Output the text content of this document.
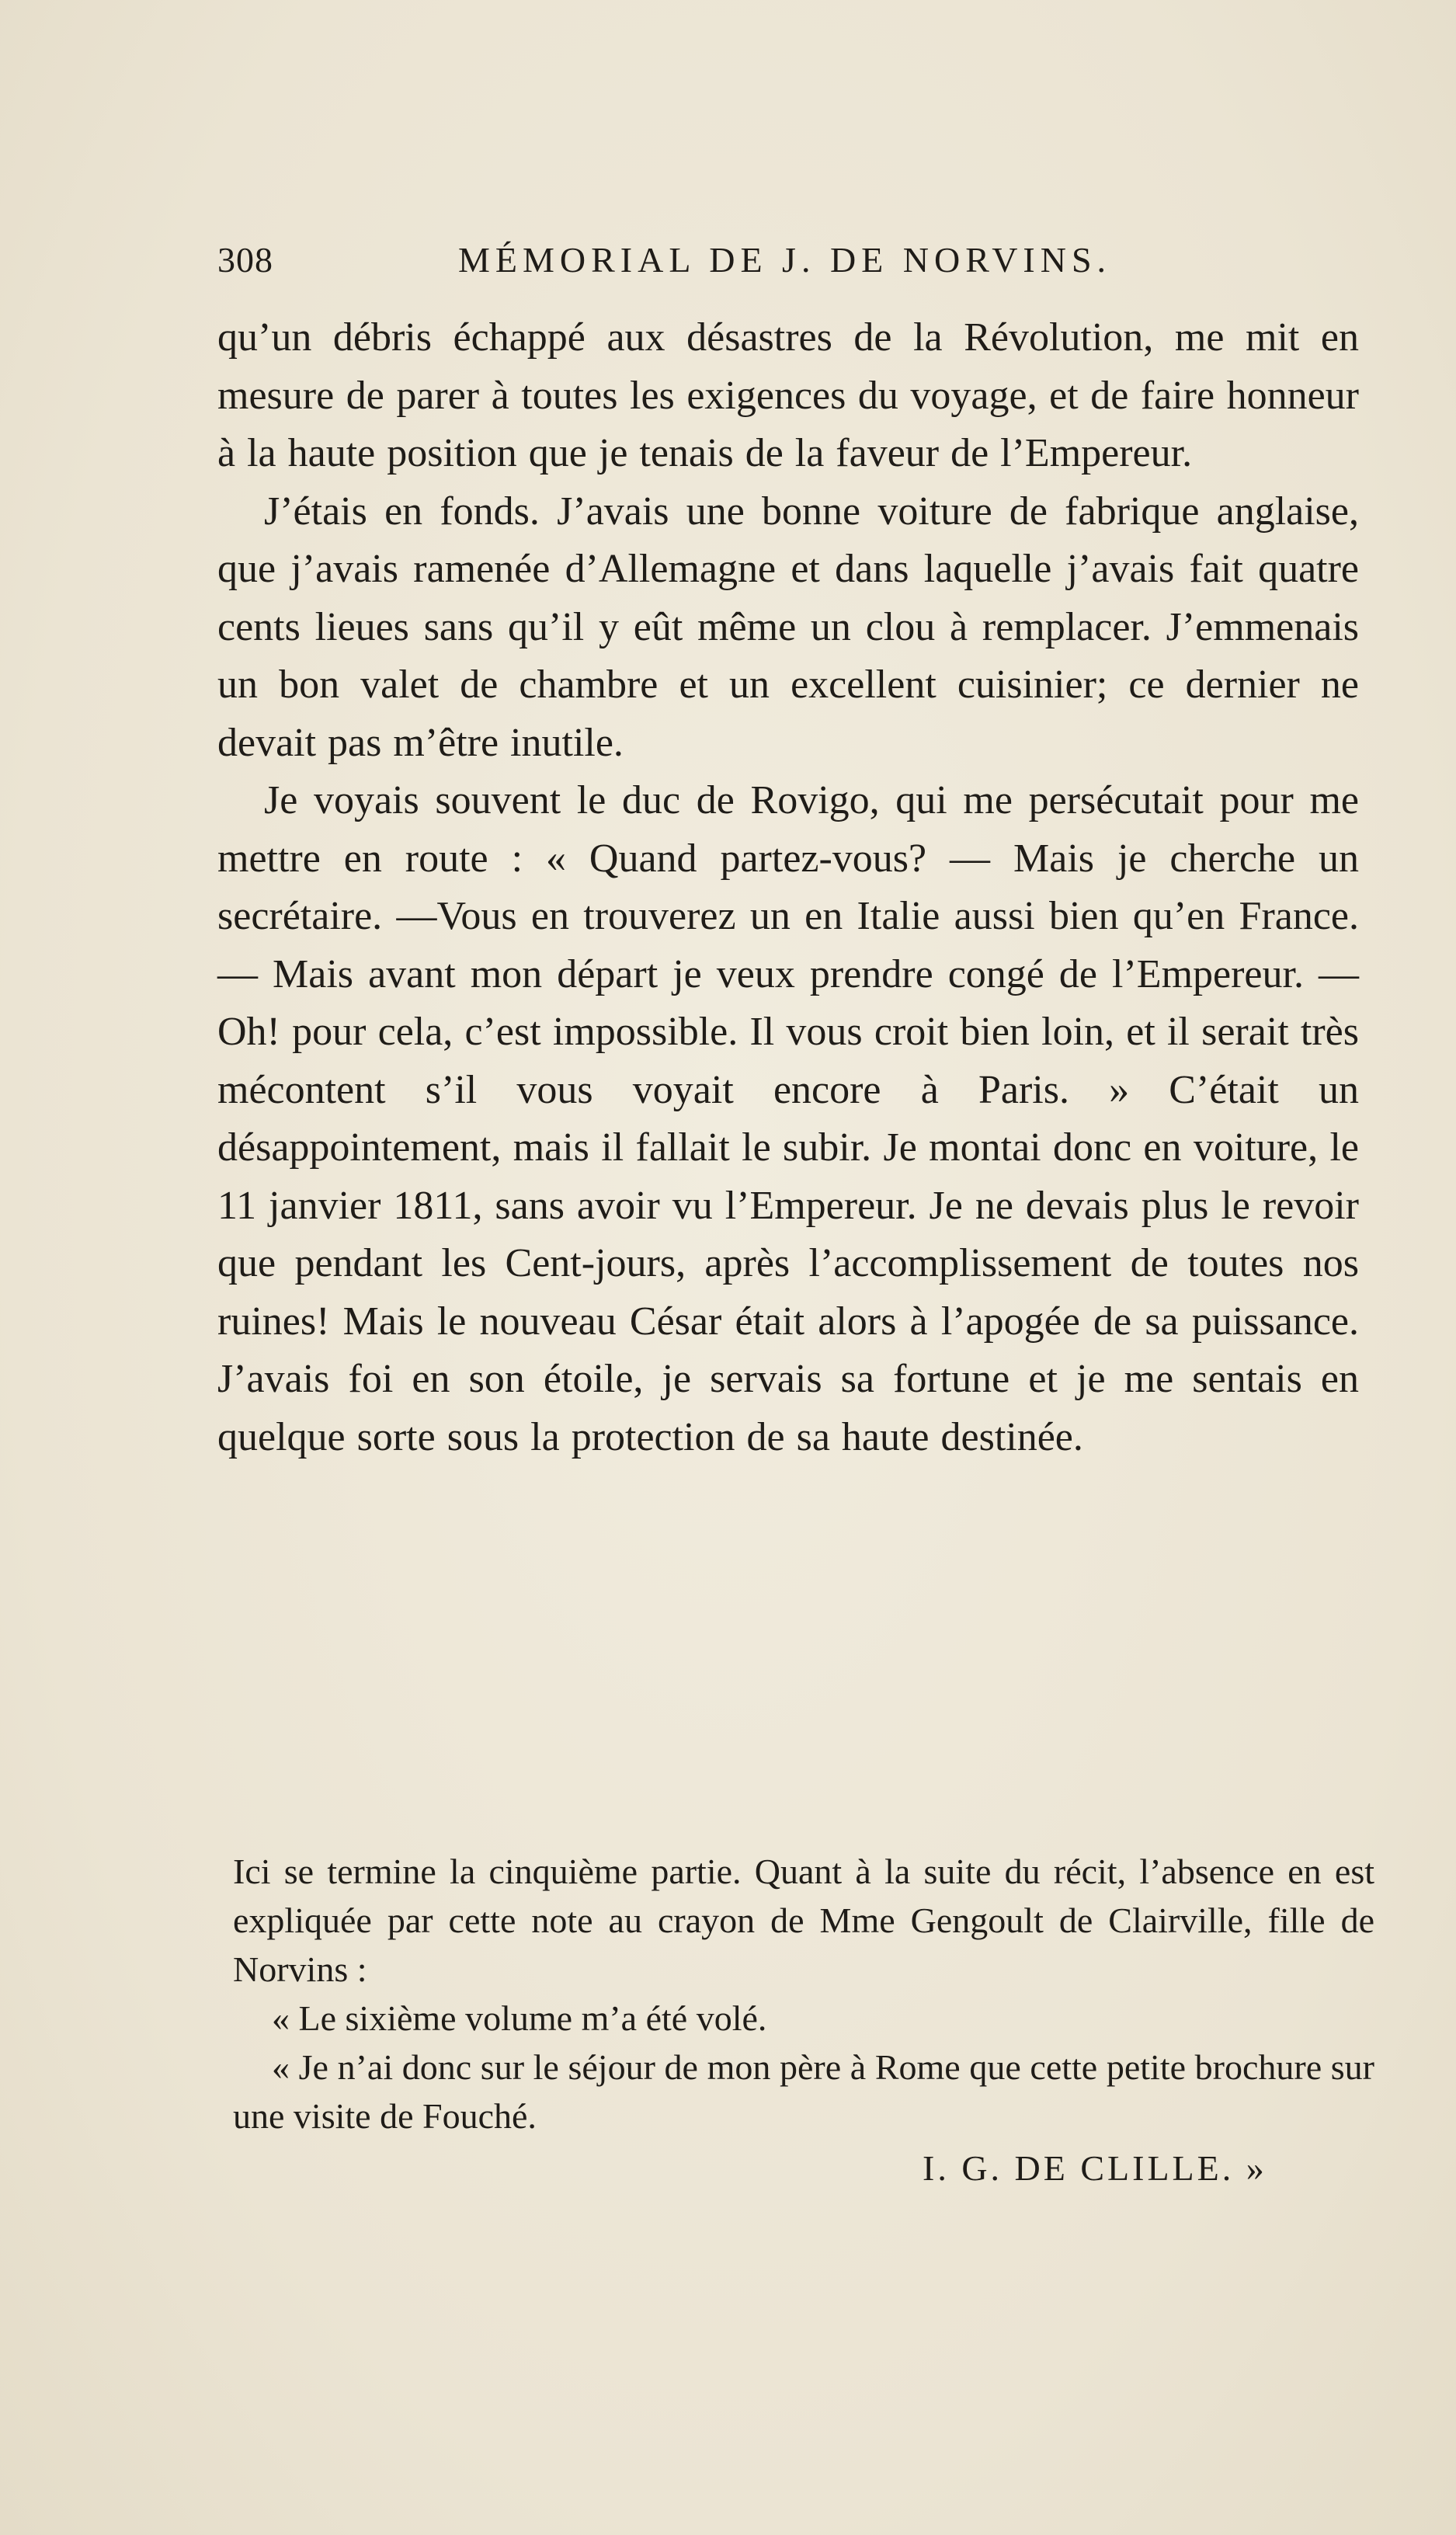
308	MÉMORIAL DE J. DE NORVINS.

qu’un débris échappé aux désastres de la Révolution, me mit en mesure de parer à toutes les exigences du voyage, et de faire honneur à la haute position que je tenais de la faveur de l’Empereur.

J’étais en fonds. J’avais une bonne voiture de fabrique anglaise, que j’avais ramenée d’Allemagne et dans laquelle j’avais fait quatre cents lieues sans qu’il y eût même un clou à remplacer. J’emmenais un bon valet de chambre et un excellent cuisinier; ce dernier ne devait pas m’être inutile.

Je voyais souvent le duc de Rovigo, qui me persécutait pour me mettre en route : « Quand partez-vous? — Mais je cherche un secrétaire. —Vous en trouverez un en Italie aussi bien qu’en France. — Mais avant mon départ je veux prendre congé de l’Empereur. — Oh! pour cela, c’est impossible. Il vous croit bien loin, et il serait très mécontent s’il vous voyait encore à Paris. » C’était un désappointement, mais il fallait le subir. Je montai donc en voiture, le 11 janvier 1811, sans avoir vu l’Empereur. Je ne devais plus le revoir que pendant les Cent-jours, après l’accomplissement de toutes nos ruines! Mais le nouveau César était alors à l’apogée de sa puissance. J’avais foi en son étoile, je servais sa fortune et je me sentais en quelque sorte sous la protection de sa haute destinée.

Ici se termine la cinquième partie. Quant à la suite du récit, l’absence en est expliquée par cette note au crayon de Mme Gengoult de Clairville, fille de Norvins :

« Le sixième volume m’a été volé.

« Je n’ai donc sur le séjour de mon père à Rome que cette petite brochure sur une visite de Fouché.

I. G. DE CLILLE. »
